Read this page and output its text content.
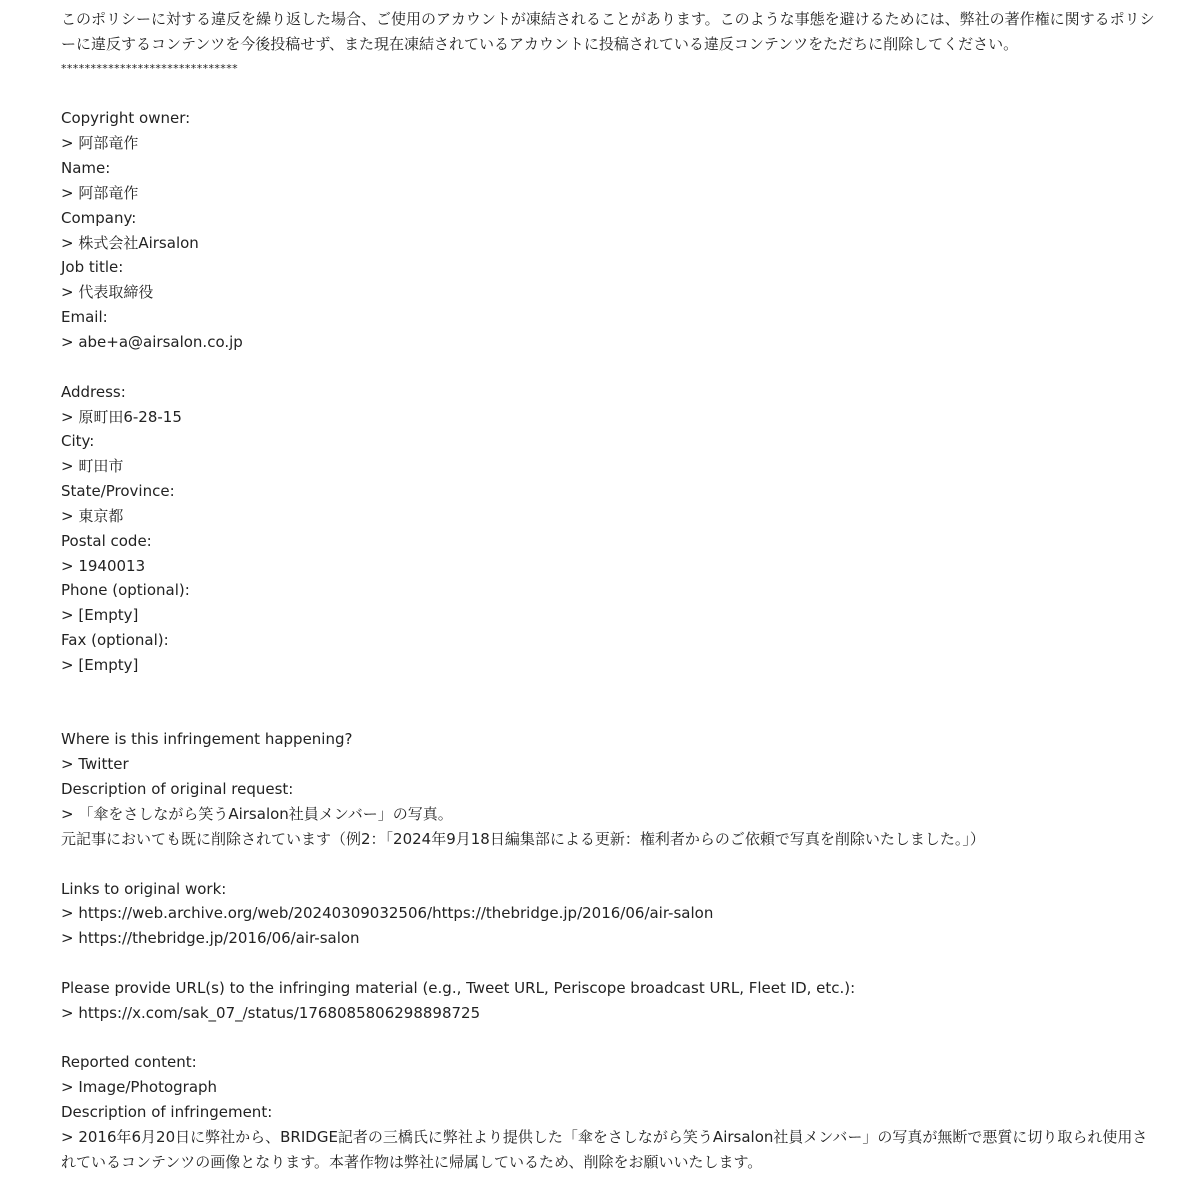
このポリシーに対する違反を繰り返した場合、ご使用のアカウントが凍結されることがあります。このような事態を避けるためには、弊社の著作権に関するポリシーに違反するコンテンツを今後投稿せず、また現在凍結されているアカウントに投稿されている違反コンテンツをただちに削除してください。

******************************

Copyright owner:

> 阿部竜作

Name:

> 阿部竜作

Company:

> 株式会社Airsalon

Job title:

> 代表取締役

Email:

> abe+a@airsalon.co.jp

Address:

> 原町田6-28-15

City:

> 町田市

State/Province:

> 東京都

Postal code:

> 1940013

Phone (optional):

> [Empty]

Fax (optional):

> [Empty]

Where is this infringement happening?

> Twitter

Description of original request:

> 「傘をさしながら笑うAirsalon社員メンバー」の写真。

元記事においても既に削除されています（例2：「2024年9月18日編集部による更新：権利者からのご依頼で写真を削除いたしました。」）

Links to original work:

> https://web.archive.org/web/20240309032506/https://thebridge.jp/2016/06/air-salon

> https://thebridge.jp/2016/06/air-salon

Please provide URL(s) to the infringing material (e.g., Tweet URL, Periscope broadcast URL, Fleet ID, etc.):

> https://x.com/sak_07_/status/1768085806298898725

Reported content:

> Image/Photograph

Description of infringement:

> 2016年6月20日に弊社から、BRIDGE記者の三橋氏に弊社より提供した「傘をさしながら笑うAirsalon社員メンバー」の写真が無断で悪質に切り取られ使用されているコンテンツの画像となります。本著作物は弊社に帰属しているため、削除をお願いいたします。
